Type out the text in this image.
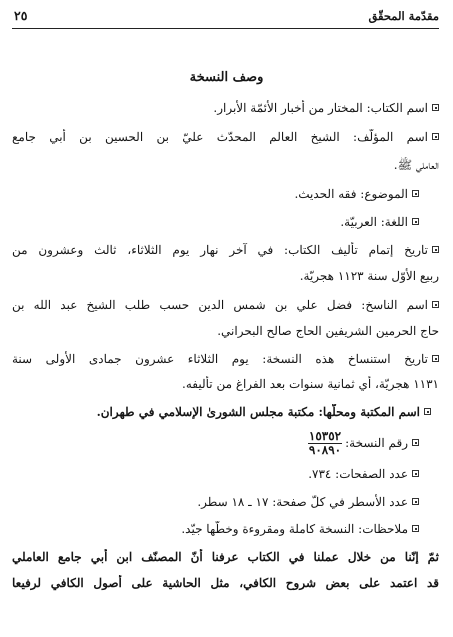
مقدّمة المحقّق
٢٥
وصف النسخة
اسم الكتاب: المختار من أخبار الأئمّة الأبرار.
اسم المؤلّف: الشيخ العالم المحدّث عليّ بن الحسين بن أبي جامع
العاملي ﷺ.
الموضوع: فقه الحديث.
اللغة: العربيّة.
تاريخ إتمام تأليف الكتاب: في آخر نهار يوم الثلاثاء، ثالث وعشرون من
ربيع الأوّل سنة ١١٢٣ هجريّة.
اسم الناسخ: فضل علي بن شمس الدين حسب طلب الشيخ عبد الله بن
حاج الحرمين الشريفين الحاج صالح البحراني.
تاريخ استنساخ هذه النسخة: يوم الثلاثاء عشرون جمادى الأُولى سنة
١١٣١ هجريّة، أي ثمانية سنوات بعد الفراغ من تأليفه.
اسم المكتبة ومحلّها: مكتبة مجلس الشورىٰ الإسلامي في طهران.
رقم النسخة:
$\frac{١٥٣٥٢}{٩٠٨٩٠}$
عدد الصفحات: ٧٣٤.
عدد الأسطر في كلّ صفحة: ١٧ ـ ١٨ سطر.
ملاحظات: النسخة كاملة ومقروءة وخطّها جيّد.
ثمّ إنّنا من خلال عملنا في الكتاب عرفنا أنّ المصنّف ابن أبي جامع العاملي
قد اعتمد على بعض شروح الكافي، مثل الحاشية على أصول الكافي لرفيعا
